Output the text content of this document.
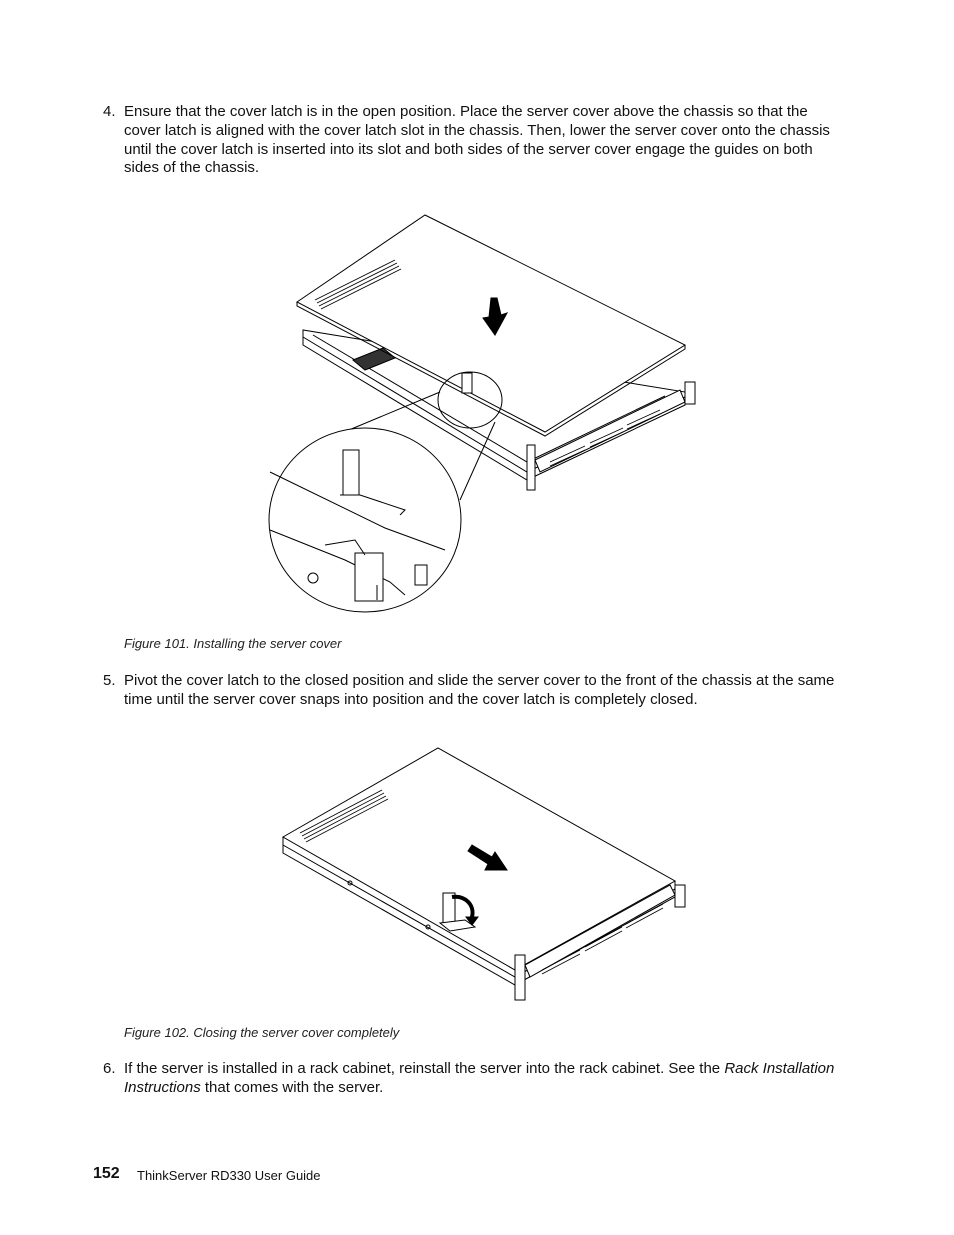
4. Ensure that the cover latch is in the open position. Place the server cover above the chassis so that the cover latch is aligned with the cover latch slot in the chassis. Then, lower the server cover onto the chassis until the cover latch is inserted into its slot and both sides of the server cover engage the guides on both sides of the chassis.
Figure 101. Installing the server cover
5. Pivot the cover latch to the closed position and slide the server cover to the front of the chassis at the same time until the server cover snaps into position and the cover latch is completely closed.
Figure 102. Closing the server cover completely
6. If the server is installed in a rack cabinet, reinstall the server into the rack cabinet. See the Rack Installation Instructions that comes with the server.
152 ThinkServer RD330 User Guide
